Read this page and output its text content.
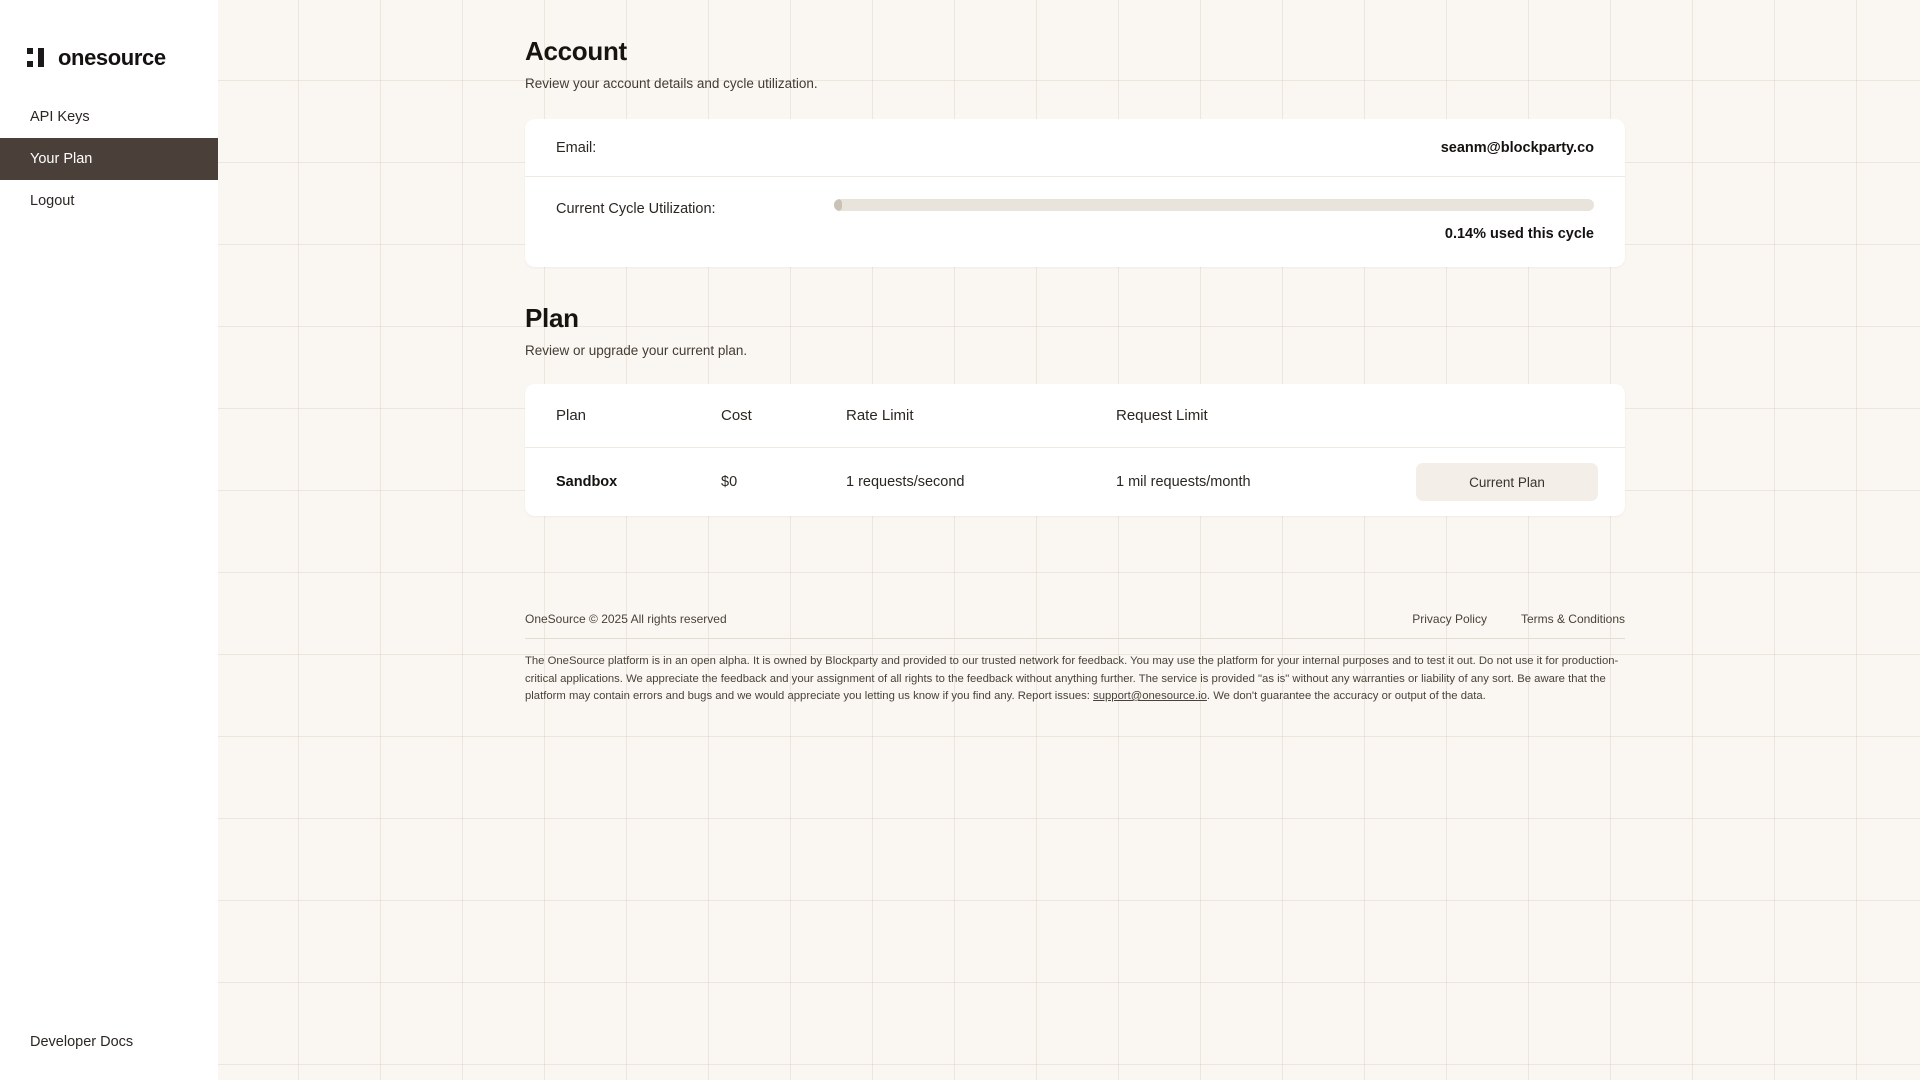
onesource
API Keys
Your Plan
Logout
Developer Docs
Account

Review your account details and cycle utilization.

Email:	seanm@blockparty.co
Current Cycle Utilization:
0.14% used this cycle
Plan

Review or upgrade your current plan.

Plan	Cost	Rate Limit	Request Limit
Sandbox	$0	1 requests/second	1 mil requests/month	Current Plan
OneSource © 2025 All rights reserved	Privacy Policy	Terms & Conditions

The OneSource platform is in an open alpha. It is owned by Blockparty and provided to our trusted network for feedback. You may use the platform for your internal purposes and to test it out. Do not use it for production-critical applications. We appreciate the feedback and your assignment of all rights to the feedback without anything further. The service is provided "as is" without any warranties or liability of any sort. Be aware that the platform may contain errors and bugs and we would appreciate you letting us know if you find any. Report issues: support@onesource.io. We don't guarantee the accuracy or output of the data.
